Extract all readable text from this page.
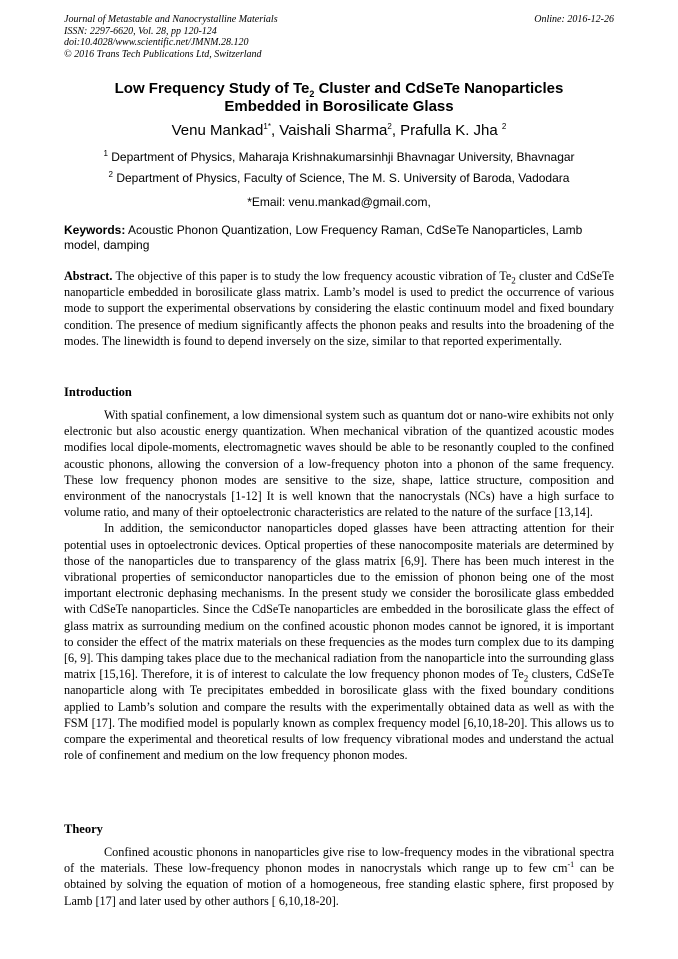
Journal of Metastable and Nanocrystalline Materials
ISSN: 2297-6620, Vol. 28, pp 120-124
doi:10.4028/www.scientific.net/JMNM.28.120
© 2016 Trans Tech Publications Ltd, Switzerland
Online: 2016-12-26
Low Frequency Study of $Te_2$ Cluster and CdSeTe Nanoparticles
Embedded in Borosilicate Glass
Venu Mankad$^{1*}$, Vaishali Sharma$^2$, Prafulla K. Jha $^2$
$^1$ Department of Physics, Maharaja Krishnakumarsinhji Bhavnagar University, Bhavnagar
$^2$ Department of Physics, Faculty of Science, The M. S. University of Baroda, Vadodara
*Email: venu.mankad@gmail.com,
Keywords: Acoustic Phonon Quantization, Low Frequency Raman, CdSeTe Nanoparticles, Lamb model, damping
Abstract. The objective of this paper is to study the low frequency acoustic vibration of $Te_2$ cluster and CdSeTe nanoparticle embedded in borosilicate glass matrix. Lamb’s model is used to predict the occurrence of various mode to support the experimental observations by considering the elastic continuum model and fixed boundary condition. The presence of medium significantly affects the phonon peaks and results into the broadening of the modes. The linewidth is found to depend inversely on the size, similar to that reported experimentally.
Introduction

With spatial confinement, a low dimensional system such as quantum dot or nano-wire exhibits not only electronic but also acoustic energy quantization. When mechanical vibration of the quantized acoustic modes modifies local dipole-moments, electromagnetic waves should be able to be resonantly coupled to the confined acoustic phonons, allowing the conversion of a low-frequency photon into a phonon of the same frequency. These low frequency phonon modes are sensitive to the size, shape, lattice structure, composition and environment of the nanocrystals [1-12] It is well known that the nanocrystals (NCs) have a high surface to volume ratio, and many of their optoelectronic characteristics are related to the nature of the surface [13,14].

In addition, the semiconductor nanoparticles doped glasses have been attracting attention for their potential uses in optoelectronic devices. Optical properties of these nanocomposite materials are determined by those of the nanoparticles due to transparency of the glass matrix [6,9]. There has been much interest in the vibrational properties of semiconductor nanoparticles due to the emission of phonon being one of the most important electronic dephasing mechanisms. In the present study we consider the borosilicate glass embedded with CdSeTe nanoparticles. Since the CdSeTe nanoparticles are embedded in the borosilicate glass the effect of glass matrix as surrounding medium on the confined acoustic phonon modes cannot be ignored, it is important to consider the effect of the matrix materials on these frequencies as the modes turn complex due to its damping [6, 9]. This damping takes place due to the mechanical radiation from the nanoparticle into the surrounding glass matrix [15,16]. Therefore, it is of interest to calculate the low frequency phonon modes of $Te_2$ clusters, CdSeTe nanoparticle along with Te precipitates embedded in borosilicate glass with the fixed boundary conditions applied to Lamb’s solution and compare the results with the experimentally obtained data as well as with the FSM [17]. The modified model is popularly known as complex frequency model [6,10,18-20]. This allows us to compare the experimental and theoretical results of low frequency vibrational modes and understand the actual role of confinement and medium on the low frequency phonon modes.

Theory

Confined acoustic phonons in nanoparticles give rise to low-frequency modes in the vibrational spectra of the materials. These low-frequency phonon modes in nanocrystals which range up to few $cm^{-1}$ can be obtained by solving the equation of motion of a homogeneous, free standing elastic sphere, first proposed by Lamb [17] and later used by other authors [ 6,10,18-20].
